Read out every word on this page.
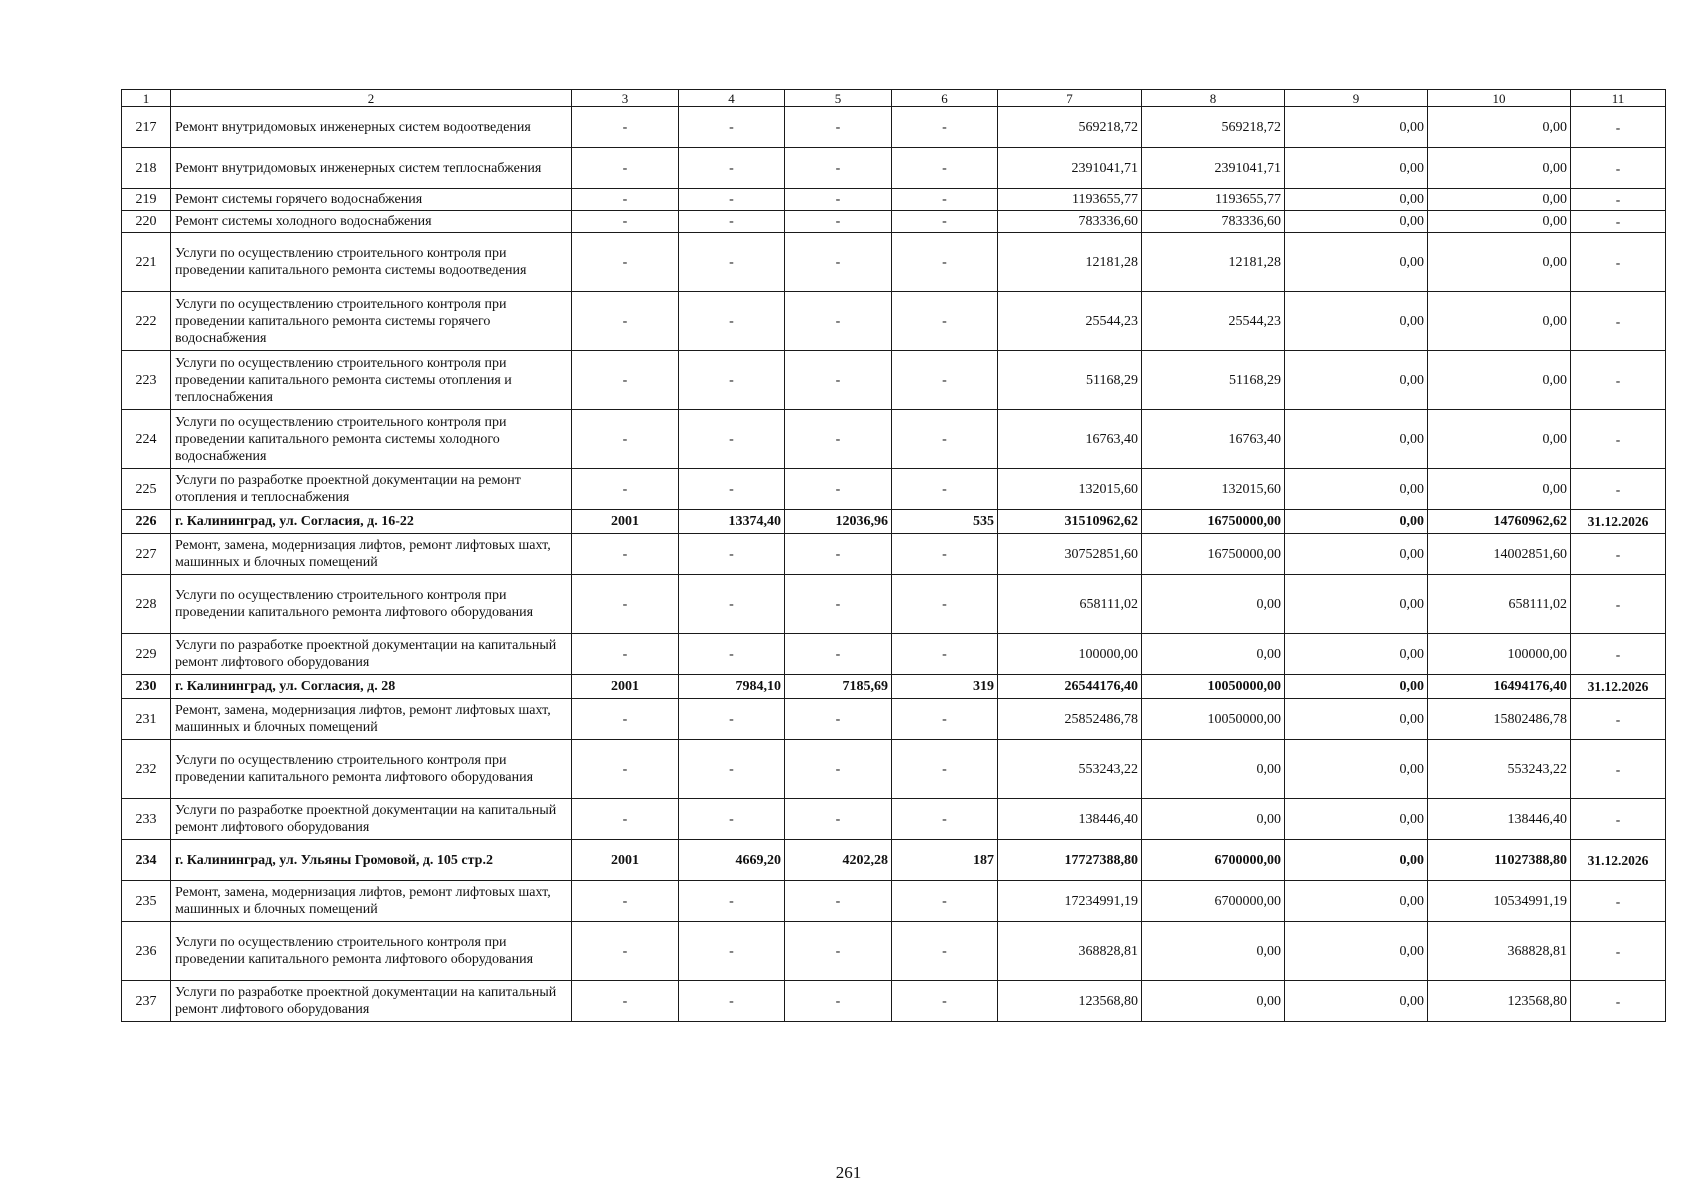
1	2	3	4	5	6	7	8	9	10	11
217	Ремонт внутридомовых инженерных систем водоотведения	-	-	-	-	569218,72	569218,72	0,00	0,00	-
218	Ремонт внутридомовых инженерных систем теплоснабжения	-	-	-	-	2391041,71	2391041,71	0,00	0,00	-
219	Ремонт системы горячего водоснабжения	-	-	-	-	1193655,77	1193655,77	0,00	0,00	-
220	Ремонт системы холодного водоснабжения	-	-	-	-	783336,60	783336,60	0,00	0,00	-
221	Услуги по осуществлению строительного контроля при проведении капитального ремонта системы водоотведения	-	-	-	-	12181,28	12181,28	0,00	0,00	-
222	Услуги по осуществлению строительного контроля при проведении капитального ремонта системы горячего водоснабжения	-	-	-	-	25544,23	25544,23	0,00	0,00	-
223	Услуги по осуществлению строительного контроля при проведении капитального ремонта системы отопления и теплоснабжения	-	-	-	-	51168,29	51168,29	0,00	0,00	-
224	Услуги по осуществлению строительного контроля при проведении капитального ремонта системы холодного водоснабжения	-	-	-	-	16763,40	16763,40	0,00	0,00	-
225	Услуги по разработке проектной документации на ремонт отопления и теплоснабжения	-	-	-	-	132015,60	132015,60	0,00	0,00	-
226	г. Калининград, ул. Согласия, д. 16-22	2001	13374,40	12036,96	535	31510962,62	16750000,00	0,00	14760962,62	31.12.2026
227	Ремонт, замена, модернизация лифтов, ремонт лифтовых шахт, машинных и блочных помещений	-	-	-	-	30752851,60	16750000,00	0,00	14002851,60	-
228	Услуги по осуществлению строительного контроля при проведении капитального ремонта лифтового оборудования	-	-	-	-	658111,02	0,00	0,00	658111,02	-
229	Услуги по разработке проектной документации на капитальный ремонт лифтового оборудования	-	-	-	-	100000,00	0,00	0,00	100000,00	-
230	г. Калининград, ул. Согласия, д. 28	2001	7984,10	7185,69	319	26544176,40	10050000,00	0,00	16494176,40	31.12.2026
231	Ремонт, замена, модернизация лифтов, ремонт лифтовых шахт, машинных и блочных помещений	-	-	-	-	25852486,78	10050000,00	0,00	15802486,78	-
232	Услуги по осуществлению строительного контроля при проведении капитального ремонта лифтового оборудования	-	-	-	-	553243,22	0,00	0,00	553243,22	-
233	Услуги по разработке проектной документации на капитальный ремонт лифтового оборудования	-	-	-	-	138446,40	0,00	0,00	138446,40	-
234	г. Калининград, ул. Ульяны Громовой, д. 105 стр.2	2001	4669,20	4202,28	187	17727388,80	6700000,00	0,00	11027388,80	31.12.2026
235	Ремонт, замена, модернизация лифтов, ремонт лифтовых шахт, машинных и блочных помещений	-	-	-	-	17234991,19	6700000,00	0,00	10534991,19	-
236	Услуги по осуществлению строительного контроля при проведении капитального ремонта лифтового оборудования	-	-	-	-	368828,81	0,00	0,00	368828,81	-
237	Услуги по разработке проектной документации на капитальный ремонт лифтового оборудования	-	-	-	-	123568,80	0,00	0,00	123568,80	-
261
